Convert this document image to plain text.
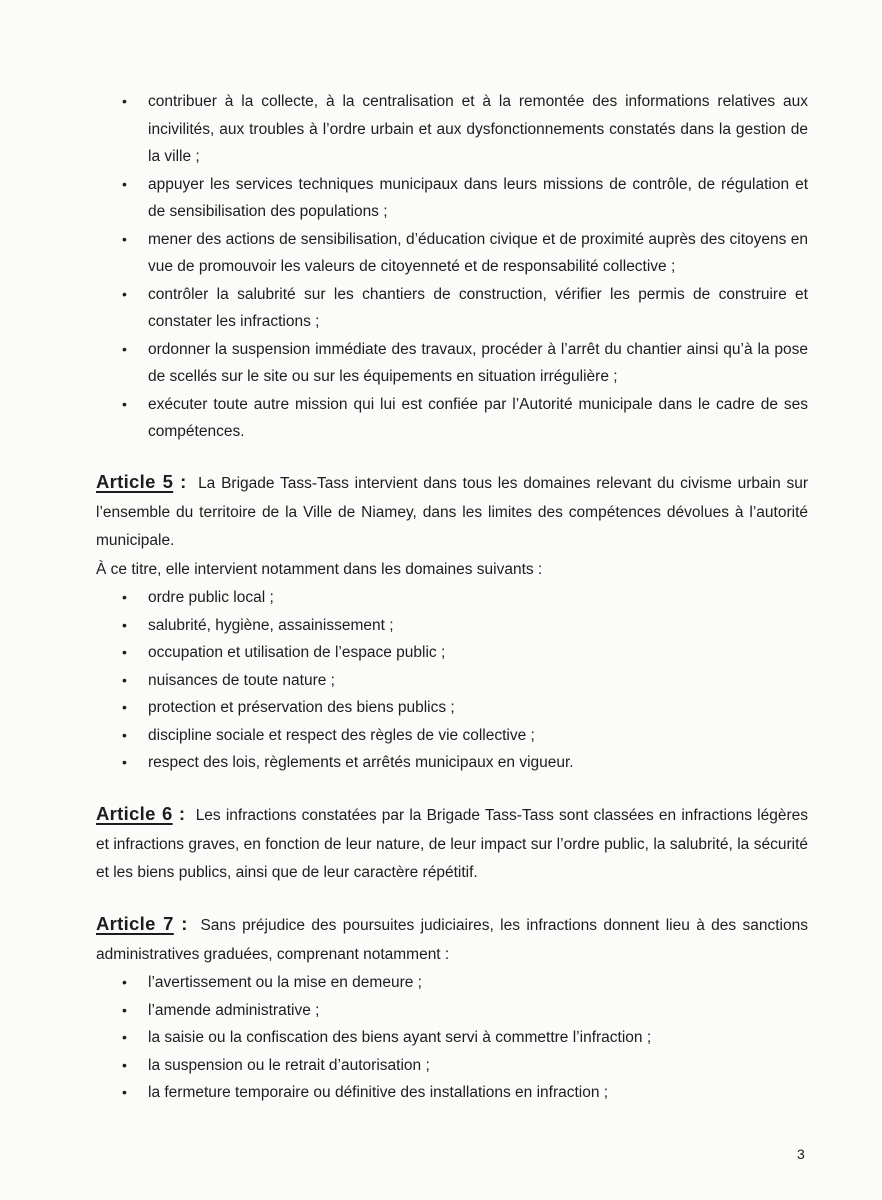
• contribuer à la collecte, à la centralisation et à la remontée des informations relatives aux incivilités, aux troubles à l’ordre urbain et aux dysfonctionnements constatés dans la gestion de la ville ;
• appuyer les services techniques municipaux dans leurs missions de contrôle, de régulation et de sensibilisation des populations ;
• mener des actions de sensibilisation, d’éducation civique et de proximité auprès des citoyens en vue de promouvoir les valeurs de citoyenneté et de responsabilité collective ;
• contrôler la salubrité sur les chantiers de construction, vérifier les permis de construire et constater les infractions ;
• ordonner la suspension immédiate des travaux, procéder à l’arrêt du chantier ainsi qu’à la pose de scellés sur le site ou sur les équipements en situation irrégulière ;
• exécuter toute autre mission qui lui est confiée par l’Autorité municipale dans le cadre de ses compétences.

Article 5 : La Brigade Tass-Tass intervient dans tous les domaines relevant du civisme urbain sur l’ensemble du territoire de la Ville de Niamey, dans les limites des compétences dévolues à l’autorité municipale.

À ce titre, elle intervient notamment dans les domaines suivants :

• ordre public local ;
• salubrité, hygiène, assainissement ;
• occupation et utilisation de l’espace public ;
• nuisances de toute nature ;
• protection et préservation des biens publics ;
• discipline sociale et respect des règles de vie collective ;
• respect des lois, règlements et arrêtés municipaux en vigueur.

Article 6 : Les infractions constatées par la Brigade Tass-Tass sont classées en infractions légères et infractions graves, en fonction de leur nature, de leur impact sur l’ordre public, la salubrité, la sécurité et les biens publics, ainsi que de leur caractère répétitif.

Article 7 : Sans préjudice des poursuites judiciaires, les infractions donnent lieu à des sanctions administratives graduées, comprenant notamment :

• l’avertissement ou la mise en demeure ;
• l’amende administrative ;
• la saisie ou la confiscation des biens ayant servi à commettre l’infraction ;
• la suspension ou le retrait d’autorisation ;
• la fermeture temporaire ou définitive des installations en infraction ;
3
